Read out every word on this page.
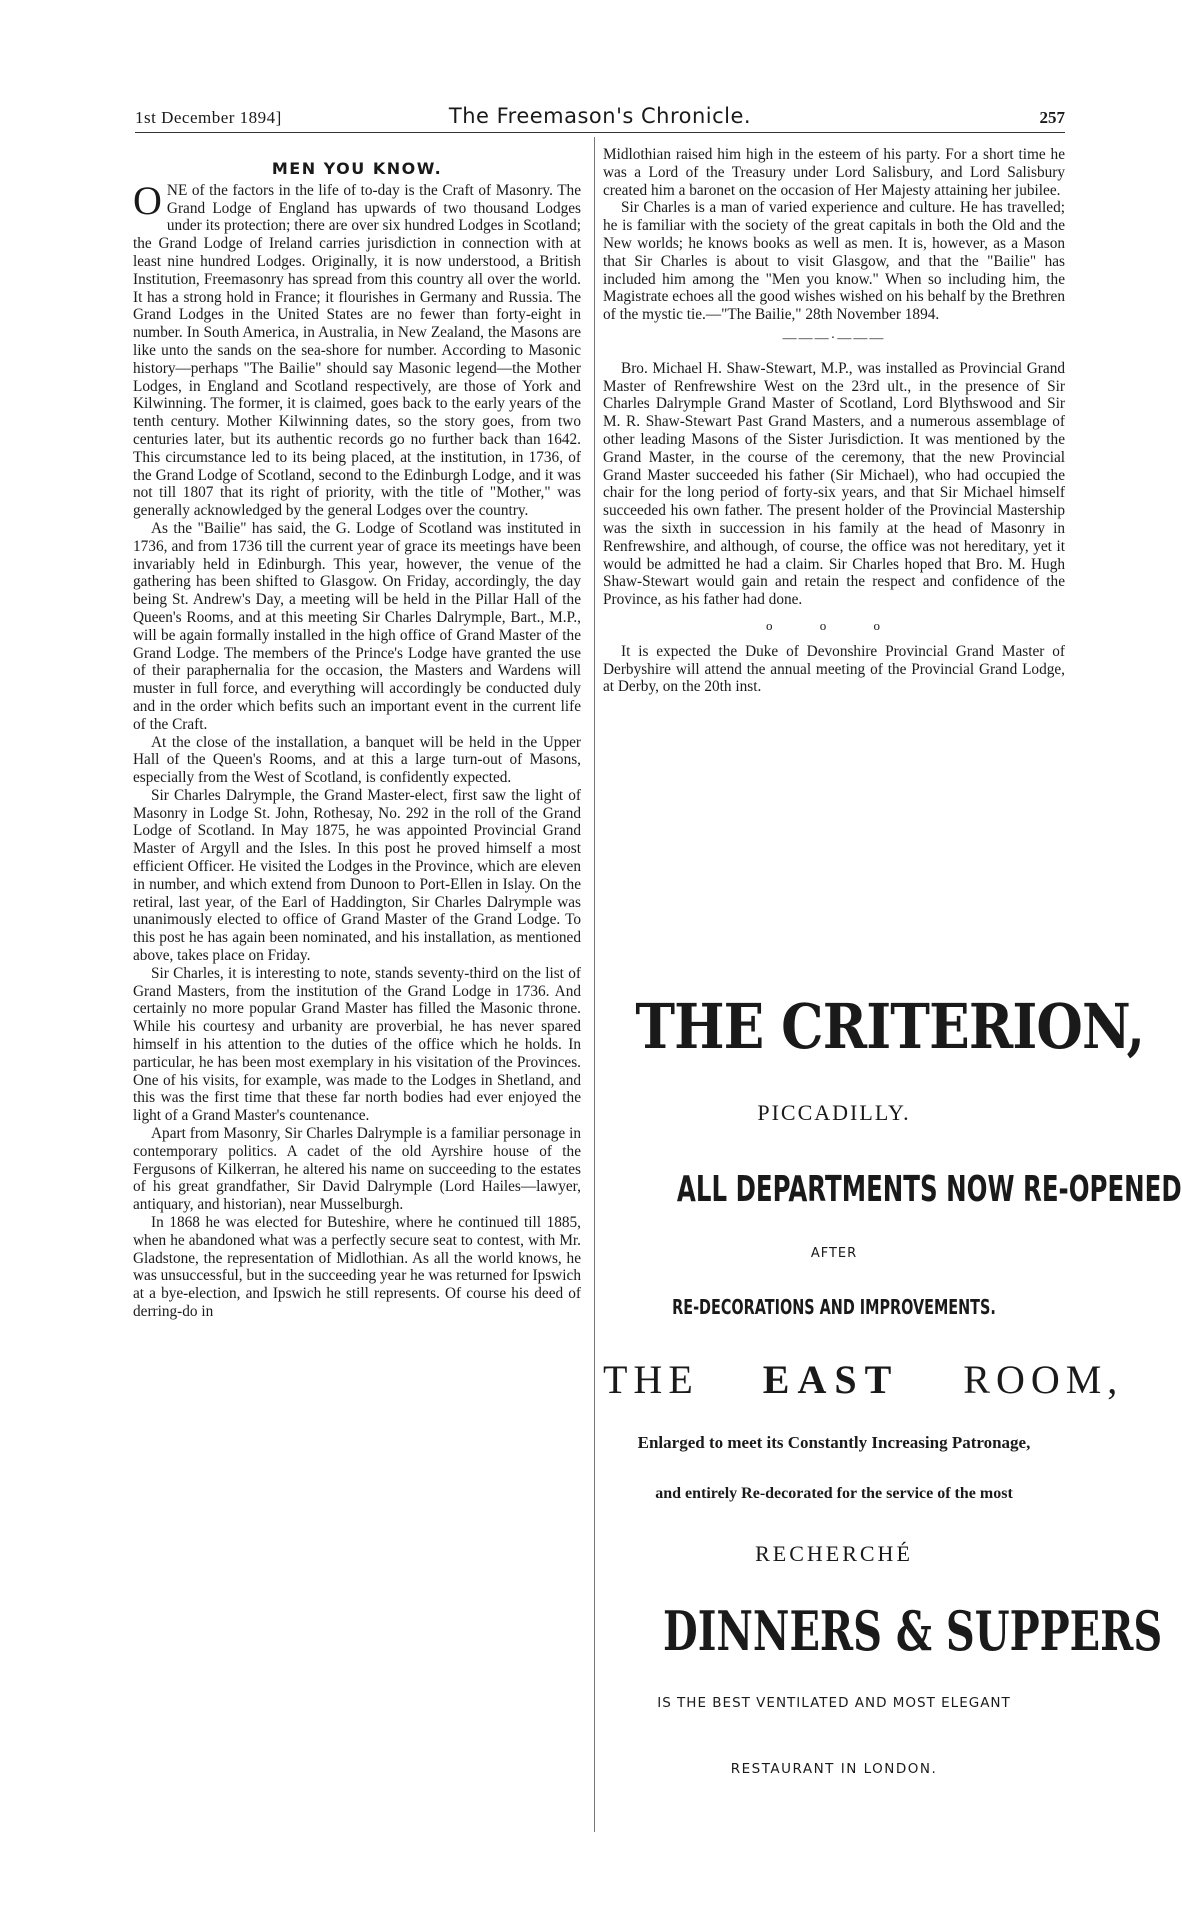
1st December 1894]	The Freemason's Chronicle.	257
MEN YOU KNOW.

ONE of the factors in the life of to-day is the Craft of Masonry. The Grand Lodge of England has upwards of two thousand Lodges under its protection; there are over six hundred Lodges in Scotland; the Grand Lodge of Ireland carries jurisdiction in connection with at least nine hundred Lodges. Originally, it is now understood, a British Institution, Freemasonry has spread from this country all over the world. It has a strong hold in France; it flourishes in Germany and Russia. The Grand Lodges in the United States are no fewer than forty-eight in number. In South America, in Australia, in New Zealand, the Masons are like unto the sands on the sea-shore for number. According to Masonic history—perhaps "The Bailie" should say Masonic legend—the Mother Lodges, in England and Scotland respectively, are those of York and Kilwinning. The former, it is claimed, goes back to the early years of the tenth century. Mother Kilwinning dates, so the story goes, from two centuries later, but its authentic records go no further back than 1642. This circumstance led to its being placed, at the institution, in 1736, of the Grand Lodge of Scotland, second to the Edinburgh Lodge, and it was not till 1807 that its right of priority, with the title of "Mother," was generally acknowledged by the general Lodges over the country.

As the "Bailie" has said, the G. Lodge of Scotland was instituted in 1736, and from 1736 till the current year of grace its meetings have been invariably held in Edinburgh. This year, however, the venue of the gathering has been shifted to Glasgow. On Friday, accordingly, the day being St. Andrew's Day, a meeting will be held in the Pillar Hall of the Queen's Rooms, and at this meeting Sir Charles Dalrymple, Bart., M.P., will be again formally installed in the high office of Grand Master of the Grand Lodge. The members of the Prince's Lodge have granted the use of their paraphernalia for the occasion, the Masters and Wardens will muster in full force, and everything will accordingly be conducted duly and in the order which befits such an important event in the current life of the Craft.

At the close of the installation, a banquet will be held in the Upper Hall of the Queen's Rooms, and at this a large turn-out of Masons, especially from the West of Scotland, is confidently expected.

Sir Charles Dalrymple, the Grand Master-elect, first saw the light of Masonry in Lodge St. John, Rothesay, No. 292 in the roll of the Grand Lodge of Scotland. In May 1875, he was appointed Provincial Grand Master of Argyll and the Isles. In this post he proved himself a most efficient Officer. He visited the Lodges in the Province, which are eleven in number, and which extend from Dunoon to Port-Ellen in Islay. On the retiral, last year, of the Earl of Haddington, Sir Charles Dalrymple was unanimously elected to office of Grand Master of the Grand Lodge. To this post he has again been nominated, and his installation, as mentioned above, takes place on Friday.

Sir Charles, it is interesting to note, stands seventy-third on the list of Grand Masters, from the institution of the Grand Lodge in 1736. And certainly no more popular Grand Master has filled the Masonic throne. While his courtesy and urbanity are proverbial, he has never spared himself in his attention to the duties of the office which he holds. In particular, he has been most exemplary in his visitation of the Provinces. One of his visits, for example, was made to the Lodges in Shetland, and this was the first time that these far north bodies had ever enjoyed the light of a Grand Master's countenance.

Apart from Masonry, Sir Charles Dalrymple is a familiar personage in contemporary politics. A cadet of the old Ayrshire house of the Fergusons of Kilkerran, he altered his name on succeeding to the estates of his great grandfather, Sir David Dalrymple (Lord Hailes—lawyer, antiquary, and historian), near Musselburgh.

In 1868 he was elected for Buteshire, where he continued till 1885, when he abandoned what was a perfectly secure seat to contest, with Mr. Gladstone, the representation of Midlothian. As all the world knows, he was unsuccessful, but in the succeeding year he was returned for Ipswich at a bye-election, and Ipswich he still represents. Of course his deed of derring-do in

Midlothian raised him high in the esteem of his party. For a short time he was a Lord of the Treasury under Lord Salisbury, and Lord Salisbury created him a baronet on the occasion of Her Majesty attaining her jubilee.

Sir Charles is a man of varied experience and culture. He has travelled; he is familiar with the society of the great capitals in both the Old and the New worlds; he knows books as well as men. It is, however, as a Mason that Sir Charles is about to visit Glasgow, and that the "Bailie" has included him among the "Men you know." When so including him, the Magistrate echoes all the good wishes wished on his behalf by the Brethren of the mystic tie.—"The Bailie," 28th November 1894.

———·———

Bro. Michael H. Shaw-Stewart, M.P., was installed as Provincial Grand Master of Renfrewshire West on the 23rd ult., in the presence of Sir Charles Dalrymple Grand Master of Scotland, Lord Blythswood and Sir M. R. Shaw-Stewart Past Grand Masters, and a numerous assemblage of other leading Masons of the Sister Jurisdiction. It was mentioned by the Grand Master, in the course of the ceremony, that the new Provincial Grand Master succeeded his father (Sir Michael), who had occupied the chair for the long period of forty-six years, and that Sir Michael himself succeeded his own father. The present holder of the Provincial Mastership was the sixth in succession in his family at the head of Masonry in Renfrewshire, and although, of course, the office was not hereditary, yet it would be admitted he had a claim. Sir Charles hoped that Bro. M. Hugh Shaw-Stewart would gain and retain the respect and confidence of the Province, as his father had done.

o o o

It is expected the Duke of Devonshire Provincial Grand Master of Derbyshire will attend the annual meeting of the Provincial Grand Lodge, at Derby, on the 20th inst.

THE CRITERION,
PICCADILLY.
ALL DEPARTMENTS NOW RE-OPENED
AFTER
RE-DECORATIONS AND IMPROVEMENTS.
THE EAST ROOM,
Enlarged to meet its Constantly Increasing Patronage,
and entirely Re-decorated for the service of the most
RECHERCHÉ
DINNERS & SUPPERS
IS THE BEST VENTILATED AND MOST ELEGANT
RESTAURANT IN LONDON.
